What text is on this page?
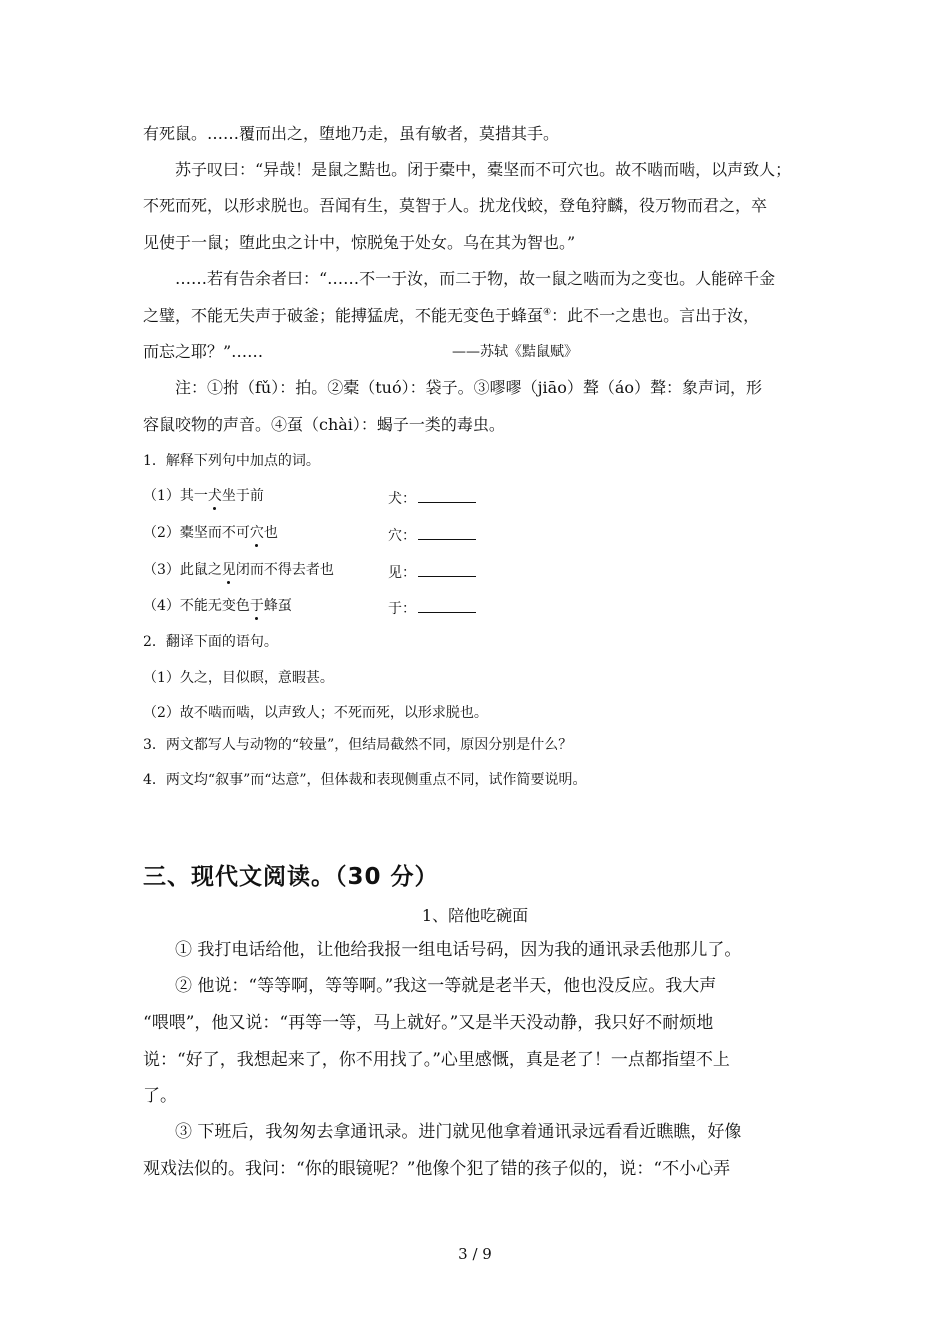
有死鼠。……覆而出之，堕地乃走，虽有敏者，莫措其手。
苏子叹曰：“异哉！是鼠之黠也。闭于橐中，橐坚而不可穴也。故不啮而啮，以声致人；
不死而死，以形求脱也。吾闻有生，莫智于人。扰龙伐蛟，登龟狩麟，役万物而君之，卒
见使于一鼠；堕此虫之计中，惊脱兔于处女。乌在其为智也。”
……若有告余者曰：“……不一于汝，而二于物，故一鼠之啮而为之变也。人能碎千金
之璧，不能无失声于破釜；能搏猛虎，不能无变色于蜂虿④：此不一之患也。言出于汝，
而忘之耶？”……	——苏轼《黠鼠赋》
注：①拊（fǔ）：拍。②橐（tuó）：袋子。③嘐嘐（jiāo）聱（áo）聱：象声词，形
容鼠咬物的声音。④虿（chài）：蝎子一类的毒虫。
1．解释下列句中加点的词。
（1）其一犬坐于前	犬：
（2）橐坚而不可穴也	穴：
（3）此鼠之见闭而不得去者也	见：
（4）不能无变色于蜂虿	于：
2．翻译下面的语句。
（1）久之，目似瞑，意暇甚。
（2）故不啮而啮，以声致人；不死而死，以形求脱也。
3．两文都写人与动物的“较量”，但结局截然不同，原因分别是什么？
4．两文均“叙事”而“达意”，但体裁和表现侧重点不同，试作简要说明。
三、现代文阅读。（30 分）
1、陪他吃碗面
① 我打电话给他，让他给我报一组电话号码，因为我的通讯录丢他那儿了。
② 他说：“等等啊，等等啊。”我这一等就是老半天，他也没反应。我大声
“喂喂”，他又说：“再等一等，马上就好。”又是半天没动静，我只好不耐烦地
说：“好了，我想起来了，你不用找了。”心里感慨，真是老了！一点都指望不上
了。
③ 下班后，我匆匆去拿通讯录。进门就见他拿着通讯录远看看近瞧瞧，好像
观戏法似的。我问：“你的眼镜呢？”他像个犯了错的孩子似的，说：“不小心弄
3 / 9
